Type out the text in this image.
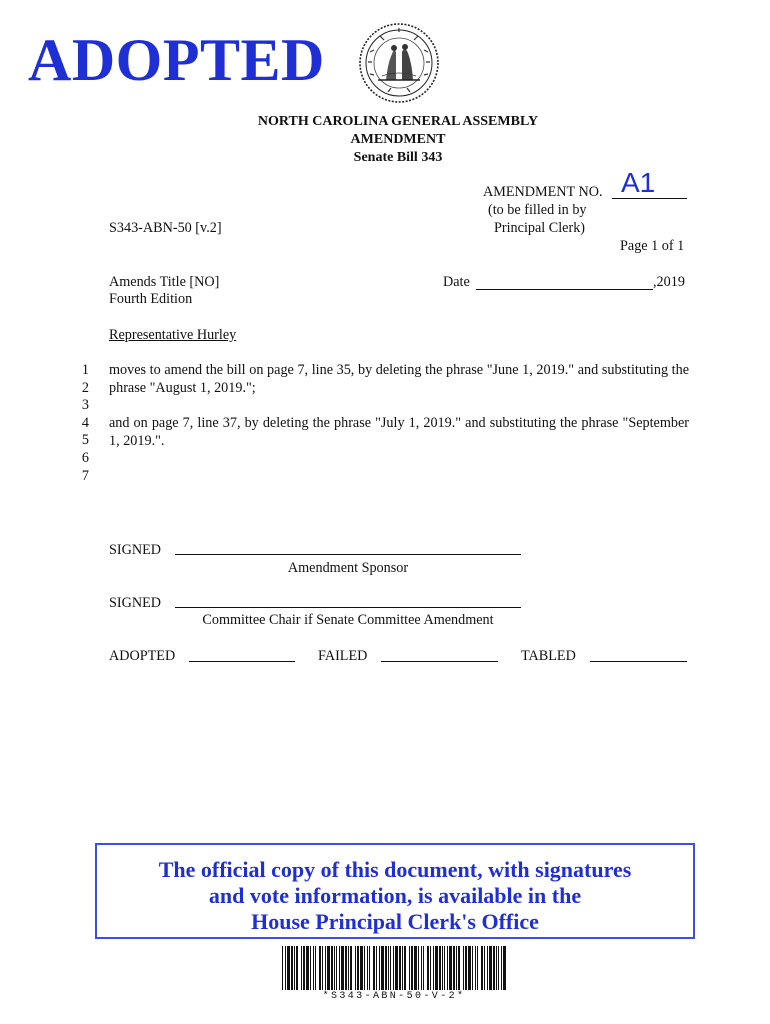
ADOPTED
NORTH CAROLINA GENERAL ASSEMBLY
AMENDMENT
Senate Bill 343
AMENDMENT NO. A1
(to be filled in by
Principal Clerk)
S343-ABN-50 [v.2]
Page 1 of 1
Amends Title [NO]
Fourth Edition
Date	,2019
Representative Hurley
1
2
3
4
5
6
7
moves to amend the bill on page 7, line 35, by deleting the phrase "June 1, 2019." and substituting the phrase "August 1, 2019.";
and on page 7, line 37, by deleting the phrase "July 1, 2019." and substituting the phrase "September 1, 2019.".
SIGNED
Amendment Sponsor
SIGNED
Committee Chair if Senate Committee Amendment
ADOPTED	FAILED	TABLED
The official copy of this document, with signatures
and vote information, is available in the
House Principal Clerk's Office
*S343-ABN-50-V-2*
